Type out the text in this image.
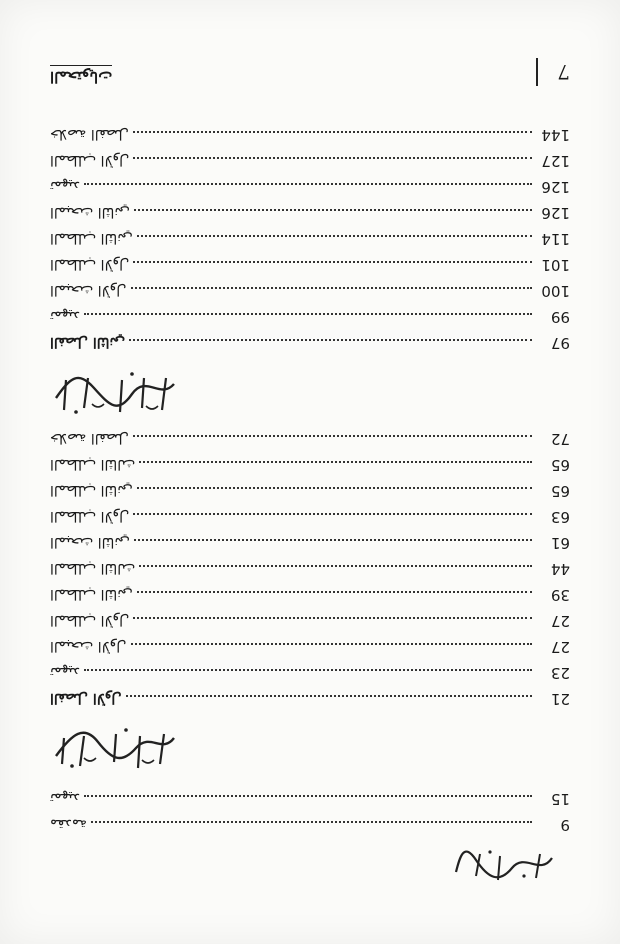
7
المحتويات
9
مقدمة
15
تمهيد
21
الفصل الأول
23
تمهيد
27
المبحث الأول
27
المطلب الأول
39
المطلب الثاني
44
المطلب الثالث
61
المبحث الثاني
63
المطلب الأول
65
المطلب الثاني
65
المطلب الثالث
72
خلاصة الفصل
97
الفصل الثاني
99
تمهيد
100
المبحث الأول
101
المطلب الأول
114
المطلب الثاني
126
المبحث الثاني
126
تمهيد
127
المطلب الأول
144
خلاصة الفصل
